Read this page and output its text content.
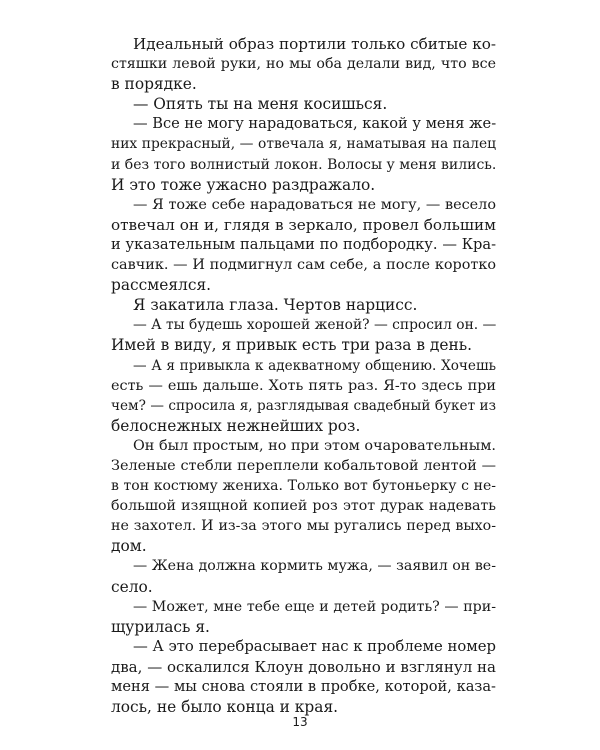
Идеальный образ портили только сбитые ко-
стяшки левой руки, но мы оба делали вид, что все
в порядке.
— Опять ты на меня косишься.
— Все не могу нарадоваться, какой у меня же-
них прекрасный, — отвечала я, наматывая на палец
и без того волнистый локон. Волосы у меня вились.
И это тоже ужасно раздражало.
— Я тоже себе нарадоваться не могу, — весело
отвечал он и, глядя в зеркало, провел большим
и указательным пальцами по подбородку. — Кра-
савчик. — И подмигнул сам себе, а после коротко
рассмеялся.
Я закатила глаза. Чертов нарцисс.
— А ты будешь хорошей женой? — спросил он. —
Имей в виду, я привык есть три раза в день.
— А я привыкла к адекватному общению. Хочешь
есть — ешь дальше. Хоть пять раз. Я-то здесь при
чем? — спросила я, разглядывая свадебный букет из
белоснежных нежнейших роз.
Он был простым, но при этом очаровательным.
Зеленые стебли переплели кобальтовой лентой —
в тон костюму жениха. Только вот бутоньерку с не-
большой изящной копией роз этот дурак надевать
не захотел. И из-за этого мы ругались перед выхо-
дом.
— Жена должна кормить мужа, — заявил он ве-
село.
— Может, мне тебе еще и детей родить? — при-
щурилась я.
— А это перебрасывает нас к проблеме номер
два, — оскалился Клоун довольно и взглянул на
меня — мы снова стояли в пробке, которой, каза-
лось, не было конца и края.
13
